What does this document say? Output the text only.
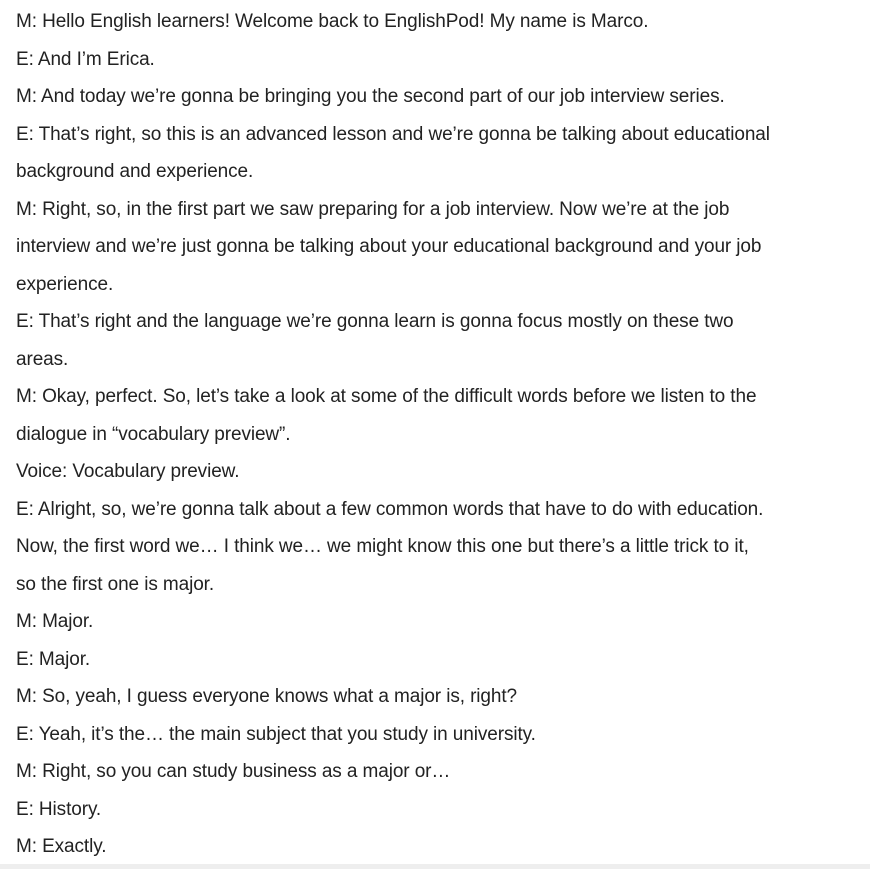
M: Hello English learners! Welcome back to EnglishPod! My name is Marco.
E: And I’m Erica.
M: And today we’re gonna be bringing you the second part of our job interview series.
E: That’s right, so this is an advanced lesson and we’re gonna be talking about educational
background and experience.
M: Right, so, in the first part we saw preparing for a job interview. Now we’re at the job
interview and we’re just gonna be talking about your educational background and your job
experience.
E: That’s right and the language we’re gonna learn is gonna focus mostly on these two
areas.
M: Okay, perfect. So, let’s take a look at some of the difficult words before we listen to the
dialogue in “vocabulary preview”.
Voice: Vocabulary preview.
E: Alright, so, we’re gonna talk about a few common words that have to do with education.
Now, the first word we… I think we… we might know this one but there’s a little trick to it,
so the first one is major.
M: Major.
E: Major.
M: So, yeah, I guess everyone knows what a major is, right?
E: Yeah, it’s the… the main subject that you study in university.
M: Right, so you can study business as a major or…
E: History.
M: Exactly.
